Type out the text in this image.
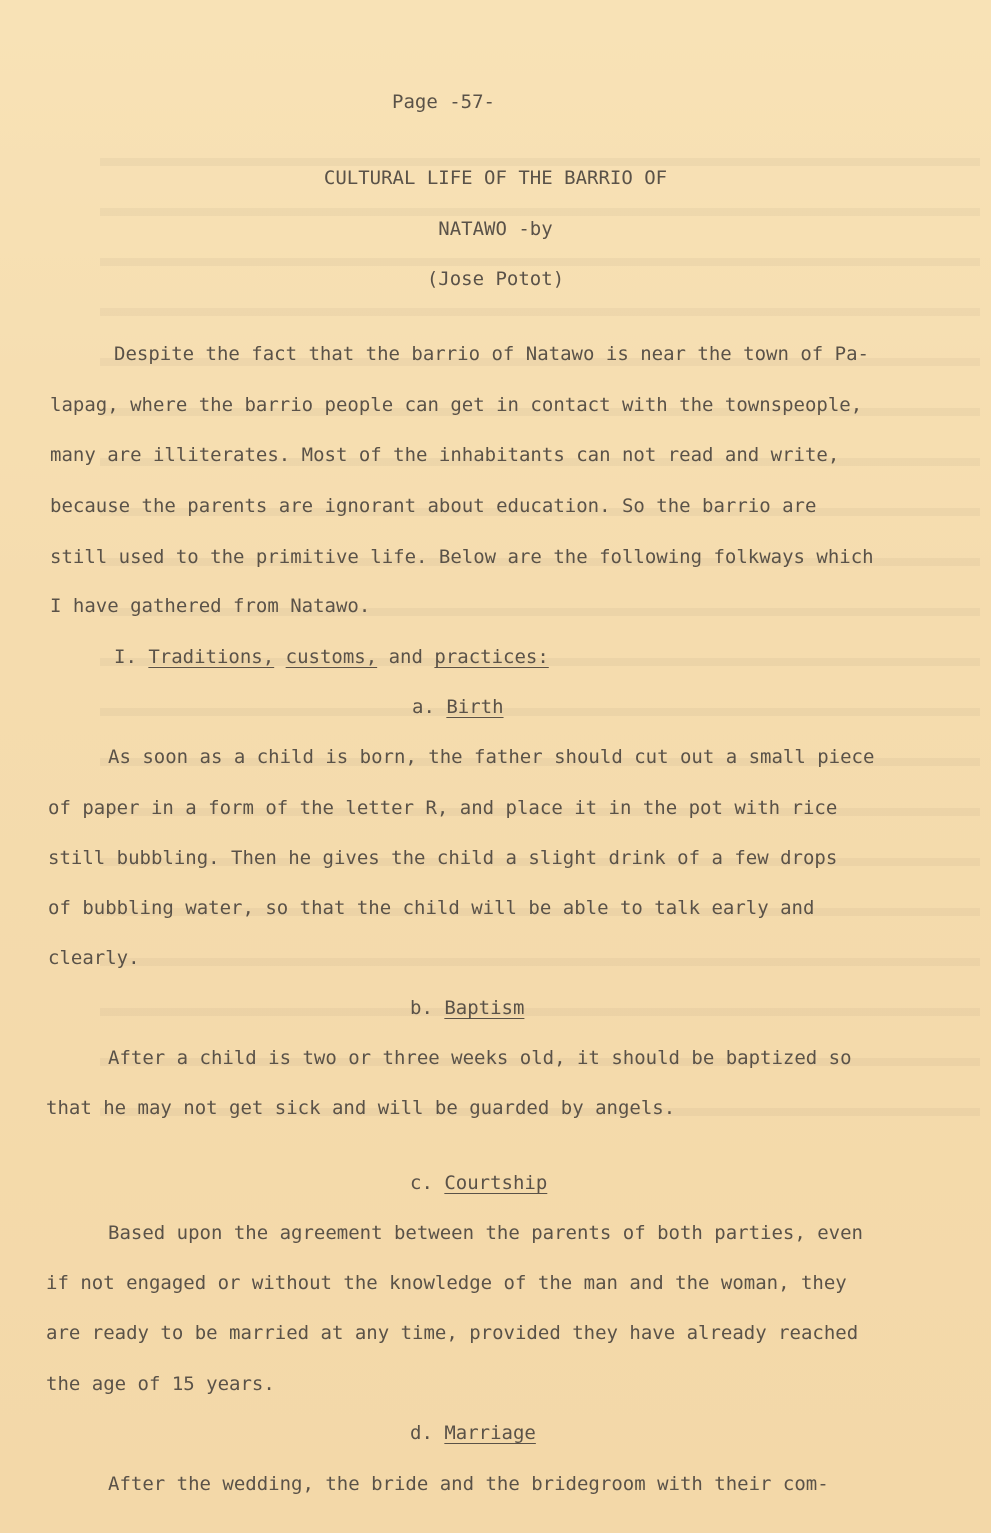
Page -57-
CULTURAL LIFE OF THE BARRIO OF
NATAWO -by
(Jose Potot)
Despite the fact that the barrio of Natawo is near the town of Pa-
lapag, where the barrio people can get in contact with the townspeople,
many are illiterates. Most of the inhabitants can not read and write,
because the parents are ignorant about education. So the barrio are
still used to the primitive life. Below are the following folkways which
I have gathered from Natawo.
I. Traditions, customs, and practices:
a. Birth
As soon as a child is born, the father should cut out a small piece
of paper in a form of the letter R, and place it in the pot with rice
still bubbling. Then he gives the child a slight drink of a few drops
of bubbling water, so that the child will be able to talk early and
clearly.
b. Baptism
After a child is two or three weeks old, it should be baptized so
that he may not get sick and will be guarded by angels.
c. Courtship
Based upon the agreement between the parents of both parties, even
if not engaged or without the knowledge of the man and the woman, they
are ready to be married at any time, provided they have already reached
the age of 15 years.
d. Marriage
After the wedding, the bride and the bridegroom with their com-
